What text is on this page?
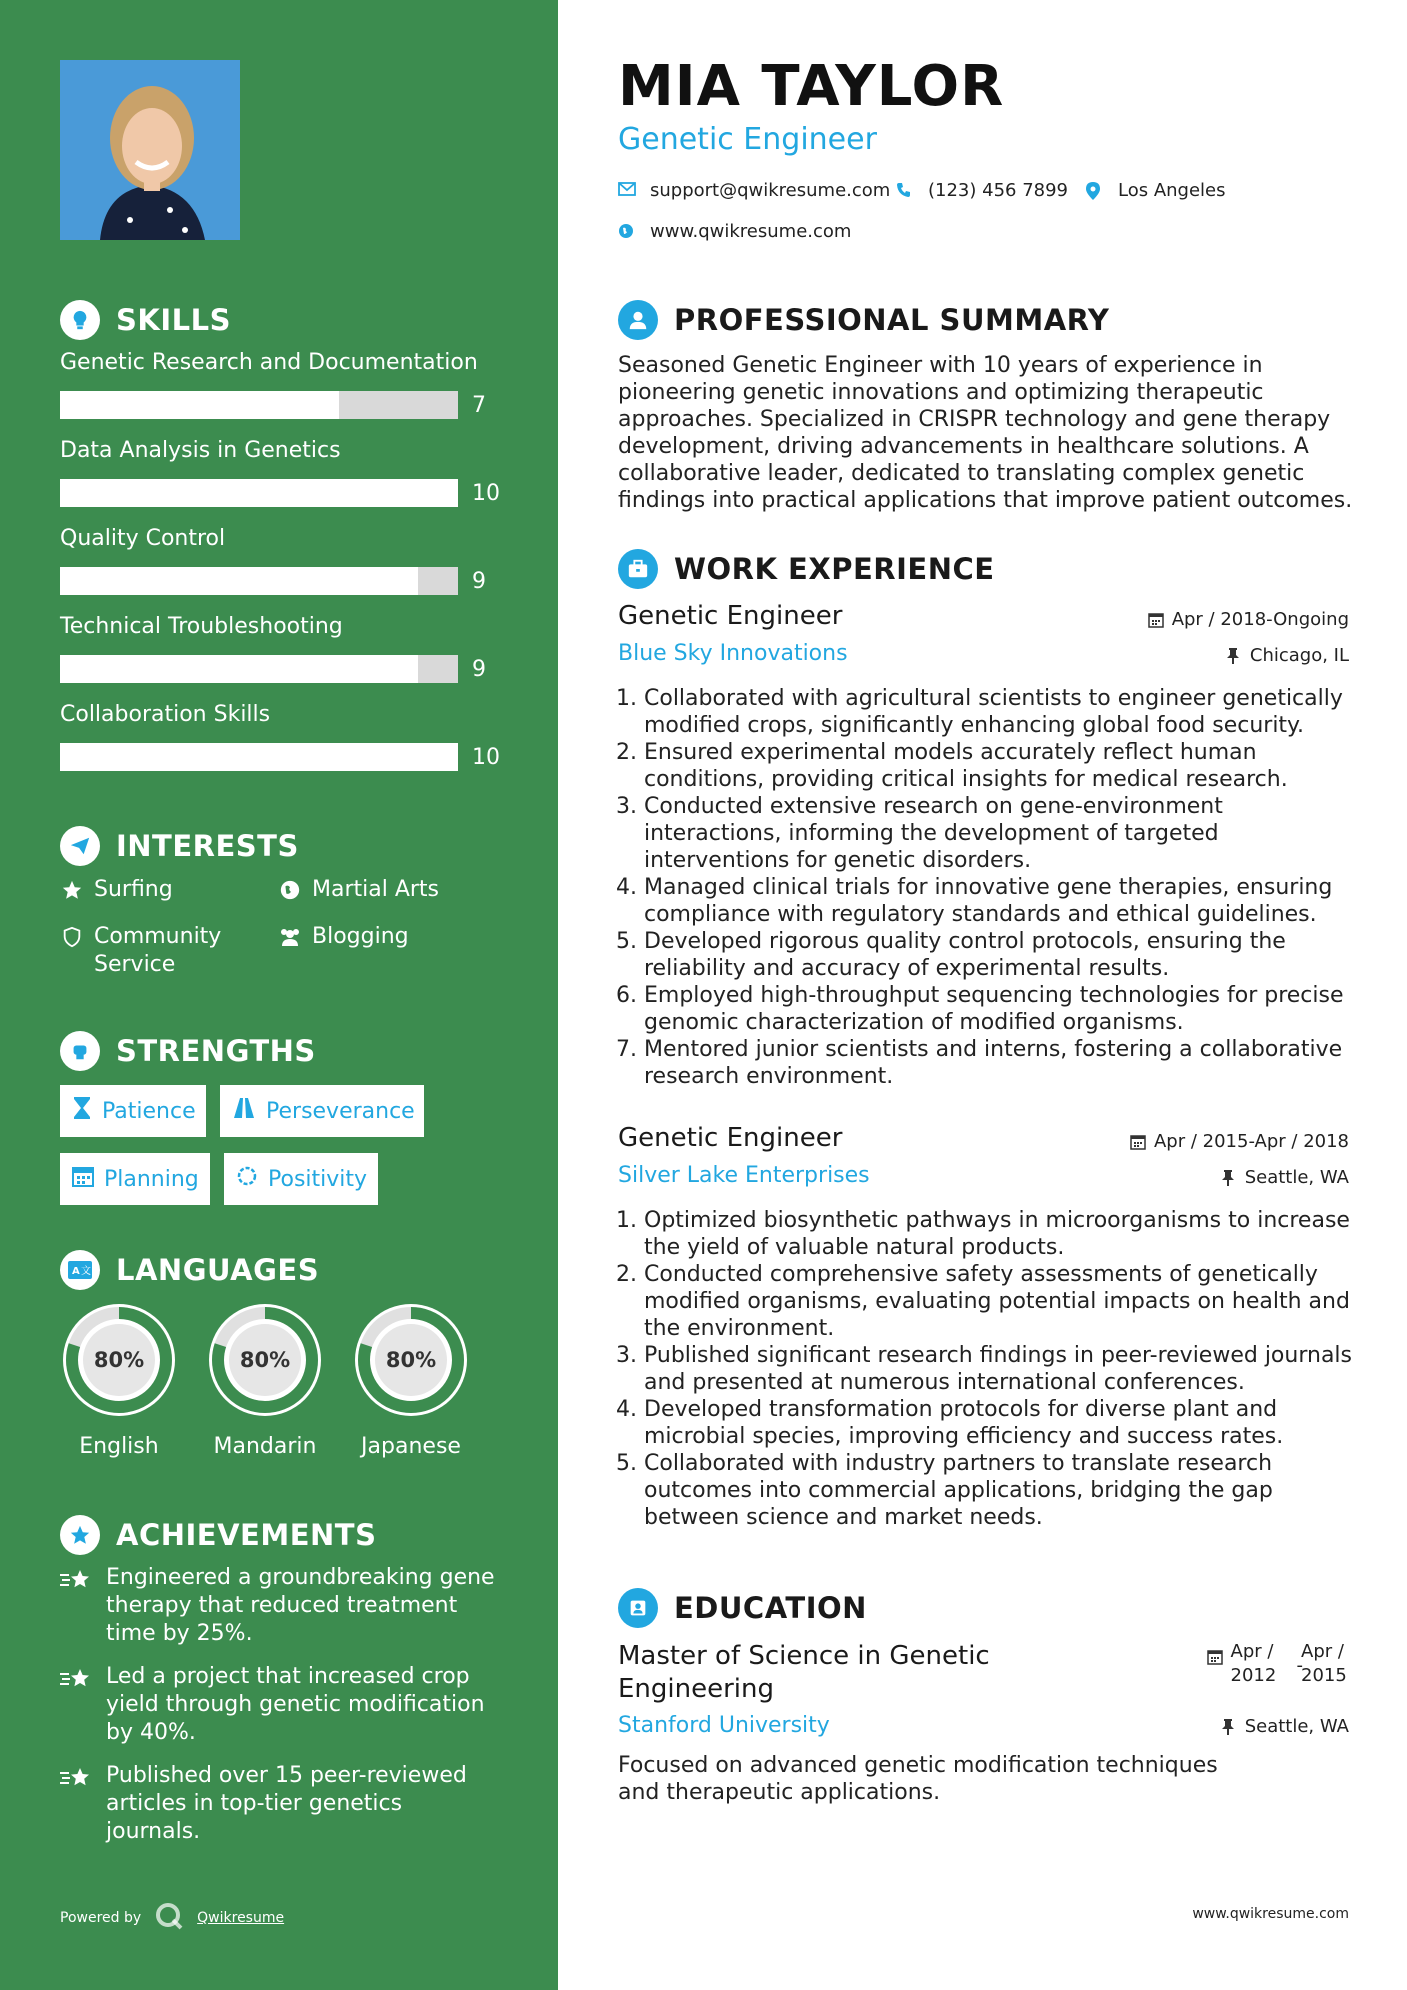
SKILLS
Genetic Research and Documentation
7
Data Analysis in Genetics
10
Quality Control
9
Technical Troubleshooting
9
Collaboration Skills
10
INTERESTS
Surfing	Martial Arts
Community Service
Blogging
STRENGTHS
Patience	Perseverance
Planning	Positivity
A 文 LANGUAGES
80%
English
80%
Mandarin
80%
Japanese
ACHIEVEMENTS
Engineered a groundbreaking gene therapy that reduced treatment time by 25%.
Led a project that increased crop yield through genetic modification by 40%.
Published over 15 peer-reviewed articles in top-tier genetics journals.
Powered by	Qwikresume
MIA TAYLOR
Genetic Engineer
support@qwikresume.com (123) 456 7899	Los Angeles
www.qwikresume.com
PROFESSIONAL SUMMARY
Seasoned Genetic Engineer with 10 years of experience in pioneering genetic innovations and optimizing therapeutic approaches. Specialized in CRISPR technology and gene therapy development, driving advancements in healthcare solutions. A collaborative leader, dedicated to translating complex genetic findings into practical applications that improve patient outcomes.
WORK EXPERIENCE
Genetic Engineer	Apr / 2018-Ongoing
Blue Sky Innovations	Chicago, IL
1. Collaborated with agricultural scientists to engineer genetically modified crops, significantly enhancing global food security.
2. Ensured experimental models accurately reflect human conditions, providing critical insights for medical research.
3. Conducted extensive research on gene-environment interactions, informing the development of targeted interventions for genetic disorders.
4. Managed clinical trials for innovative gene therapies, ensuring compliance with regulatory standards and ethical guidelines.
5. Developed rigorous quality control protocols, ensuring the reliability and accuracy of experimental results.
6. Employed high-throughput sequencing technologies for precise genomic characterization of modified organisms.
7. Mentored junior scientists and interns, fostering a collaborative research environment.
Genetic Engineer	Apr / 2015-Apr / 2018
Silver Lake Enterprises	Seattle, WA
1. Optimized biosynthetic pathways in microorganisms to increase the yield of valuable natural products.
2. Conducted comprehensive safety assessments of genetically modified organisms, evaluating potential impacts on health and the environment.
3. Published significant research findings in peer-reviewed journals and presented at numerous international conferences.
4. Developed transformation protocols for diverse plant and microbial species, improving efficiency and success rates.
5. Collaborated with industry partners to translate research outcomes into commercial applications, bridging the gap between science and market needs.
EDUCATION
Master of Science in Genetic Engineering
Apr / 2012 -
Apr / 2015
Stanford University	Seattle, WA
Focused on advanced genetic modification techniques and therapeutic applications.
www.qwikresume.com
